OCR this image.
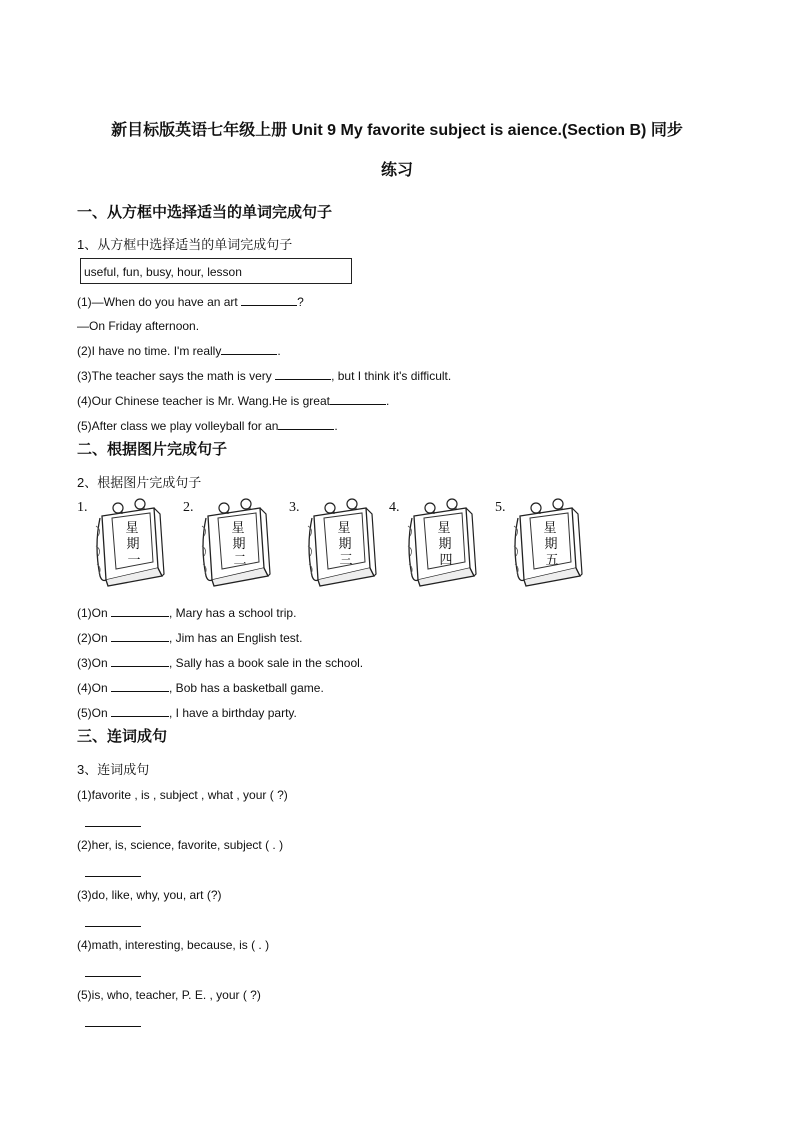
新目标版英语七年级上册 Unit 9 My favorite subject is aience.(Section B) 同步
练习
一、从方框中选择适当的单词完成句子
1、从方框中选择适当的单词完成句子
useful, fun, busy, hour, lesson
(1)—When do you have an art	?
—On Friday afternoon.
(2)I have no time. I'm really	.
(3)The teacher says the math is very	, but I think it's difficult.
(4)Our Chinese teacher is Mr. Wang.He is great	.
(5)After class we play volleyball for an	.
二、根据图片完成句子
2、根据图片完成句子
1.
星
期
一
2.
星
期
二
3.
星
期
三
4.
星
期
四
5.
星
期
五
(1)On	, Mary has a school trip.
(2)On	, Jim has an English test.
(3)On	, Sally has a book sale in the school.
(4)On	, Bob has a basketball game.
(5)On	, I have a birthday party.
三、连词成句
3、连词成句
(1)favorite , is , subject , what , your ( ?)
(2)her, is, science, favorite, subject ( . )
(3)do, like, why, you, art (?)
(4)math, interesting, because, is ( . )
(5)is, who, teacher, P. E. , your ( ?)
